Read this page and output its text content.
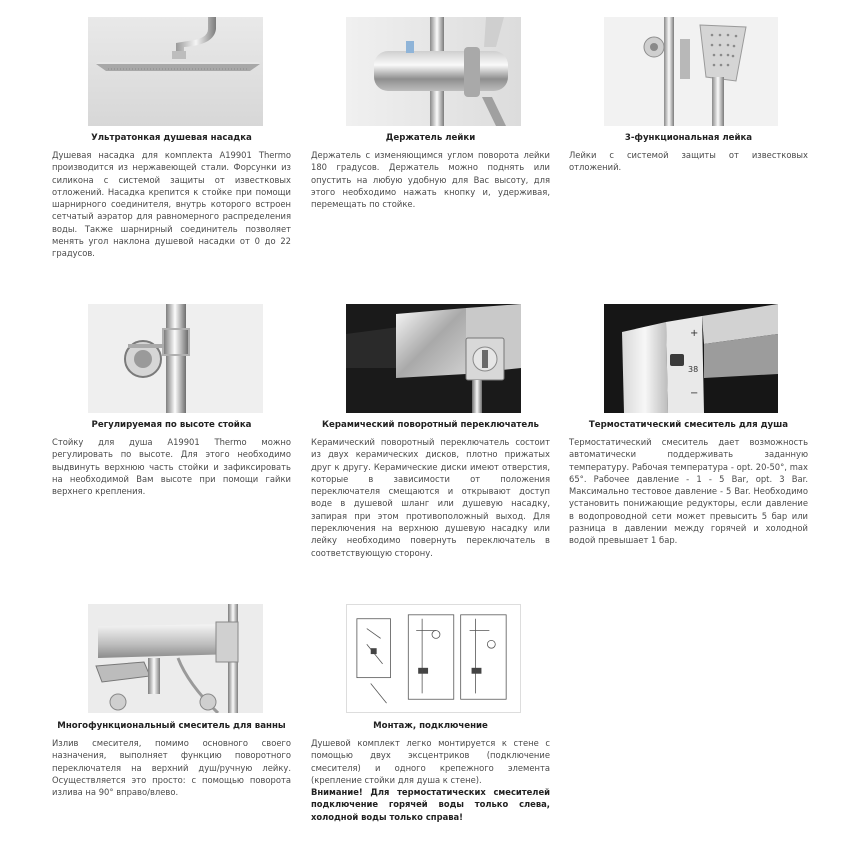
Ультратонкая душевая насадка

Душевая насадка для комплекта A19901 Thermo производится из нержавеющей стали. Форсунки из силикона с системой защиты от известковых отложений. Насадка крепится к стойке при помощи шарнирного соединителя, внутрь которого встроен сетчатый аэратор для равномерного распределения воды. Также шарнирный соединитель позволяет менять угол наклона душевой насадки от 0 до 22 градусов.

Держатель лейки

Держатель с изменяющимся углом поворота лейки 180 градусов. Держатель можно поднять или опустить на любую удобную для Вас высоту, для этого необходимо нажать кнопку и, удерживая, перемещать по стойке.

3-функциональная лейка

Лейки с системой защиты от известковых отложений.

Регулируемая по высоте стойка

Стойку для душа A19901 Thermo можно регулировать по высоте. Для этого необходимо выдвинуть верхнюю часть стойки и зафиксировать на необходимой Вам высоте при помощи гайки верхнего крепления.

Керамический поворотный переключатель

Керамический поворотный переключатель состоит из двух керамических дисков, плотно прижатых друг к другу. Керамические диски имеют отверстия, которые в зависимости от положения переключателя смещаются и открывают доступ воде в душевой шланг или душевую насадку, запирая при этом противоположный выход. Для переключения на верхнюю душевую насадку или лейку необходимо повернуть переключатель в соответствующую сторону.

+
38
−
Термостатический смеситель для душа

Термостатический смеситель дает возможность автоматически поддерживать заданную температуру. Рабочая температура - opt. 20-50°, max 65°. Рабочее давление - 1 - 5 Bar, opt. 3 Bar. Максимально тестовое давление - 5 Bar. Необходимо установить понижающие редукторы, если давление в водопроводной сети может превысить 5 бар или разница в давлении между горячей и холодной водой превышает 1 бар.

Многофункциональный смеситель для ванны

Излив смесителя, помимо основного своего назначения, выполняет функцию поворотного переключателя на верхний душ/ручную лейку. Осуществляется это просто: с помощью поворота излива на 90° вправо/влево.

Монтаж, подключение

Душевой комплект легко монтируется к стене с помощью двух эксцентриков (подключение смесителя) и одного крепежного элемента (крепление стойки для душа к стене).
Внимание! Для термостатических смесителей подключение горячей воды только слева, холодной воды только справа!
